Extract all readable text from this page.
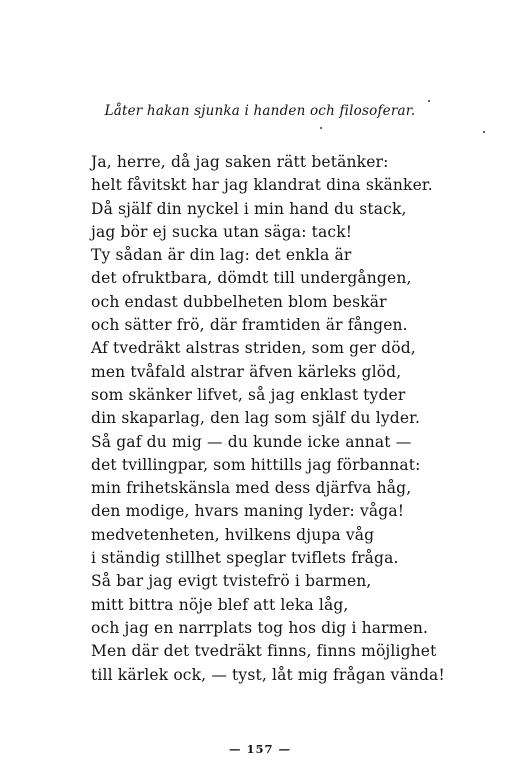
Låter hakan sjunka i handen och filosoferar.
Ja, herre, då jag saken rätt betänker:
helt fåvitskt har jag klandrat dina skänker.
Då själf din nyckel i min hand du stack,
jag bör ej sucka utan säga: tack!
Ty sådan är din lag: det enkla är
det ofruktbara, dömdt till undergången,
och endast dubbelheten blom beskär
och sätter frö, där framtiden är fången.
Af tvedräkt alstras striden, som ger död,
men tvåfald alstrar äfven kärleks glöd,
som skänker lifvet, så jag enklast tyder
din skaparlag, den lag som själf du lyder.
Så gaf du mig — du kunde icke annat —
det tvillingpar, som hittills jag förbannat:
min frihetskänsla med dess djärfva håg,
den modige, hvars maning lyder: våga!
medvetenheten, hvilkens djupa våg
i ständig stillhet speglar tviflets fråga.
Så bar jag evigt tvistefrö i barmen,
mitt bittra nöje blef att leka låg,
och jag en narrplats tog hos dig i harmen.
Men där det tvedräkt finns, finns möjlighet
till kärlek ock, — tyst, låt mig frågan vända!
— 157 —
